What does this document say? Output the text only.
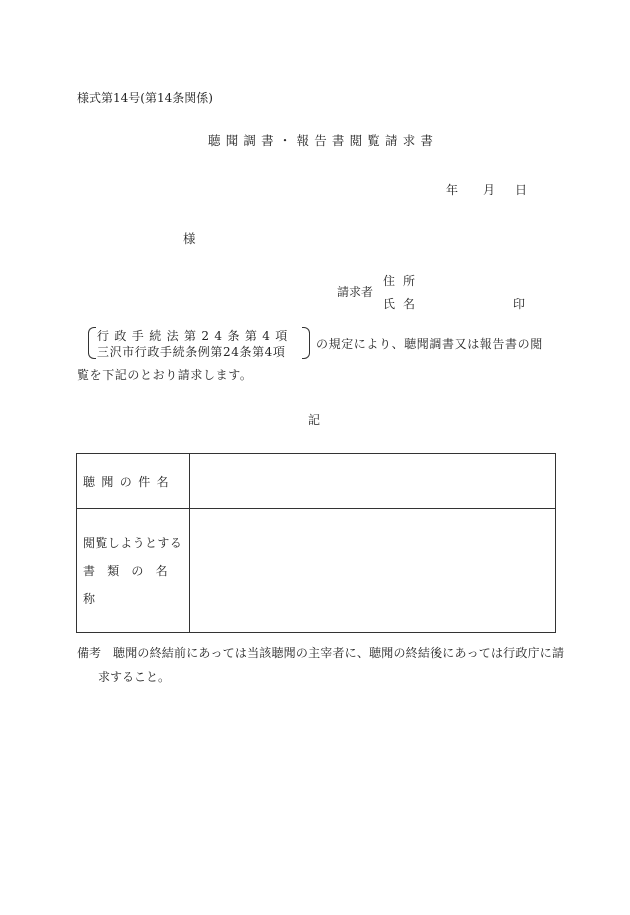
様式第14号(第14条関係)
聴聞調書・報告書閲覧請求書
年 月 日
様
請求者
住所
氏名	印
行政手続法第24条第4項
三沢市行政手続条例第24条第4項
の規定により、聴聞調書又は報告書の閲
覧を下記のとおり請求します。
記
聴聞の件名	

閲覧しようとする
書類の名称	

備考 聴聞の終結前にあっては当該聴聞の主宰者に、聴聞の終結後にあっては行政庁に請
求すること。
